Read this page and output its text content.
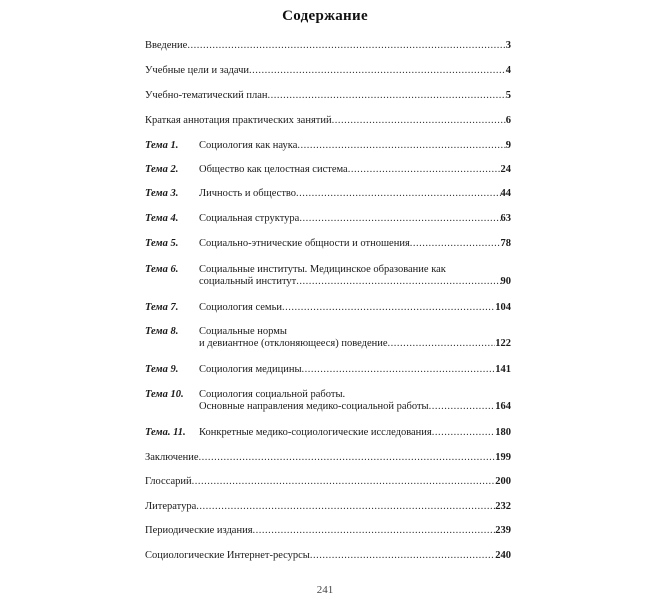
Содержание
Введение .....	3
Учебные цели и задачи .....	4
Учебно-тематический план .....	5
Краткая аннотация практических занятий .....	6
Тема 1. Социология как наука .....	9
Тема 2. Общество как целостная система .....	24
Тема 3. Личность и общество .....	44
Тема 4. Социальная структура .....	63
Тема 5. Социально-этнические общности и отношения .....	78
Тема 6. Социальные институты. Медицинское образование как
социальный институт .....	90
Тема 7. Социология семьи .....	104
Тема 8. Социальные нормы
и девиантное (отклоняющееся) поведение .....	122
Тема 9. Социология медицины .....	141
Тема 10. Социология социальной работы.
Основные направления медико-социальной работы .....	164
Тема. 11. Конкретные медико-социологические исследования .....	180
Заключение .....	199
Глоссарий .....	200
Литература .....	232
Периодические издания .....	239
Социологические Интернет-ресурсы .....	240
241
